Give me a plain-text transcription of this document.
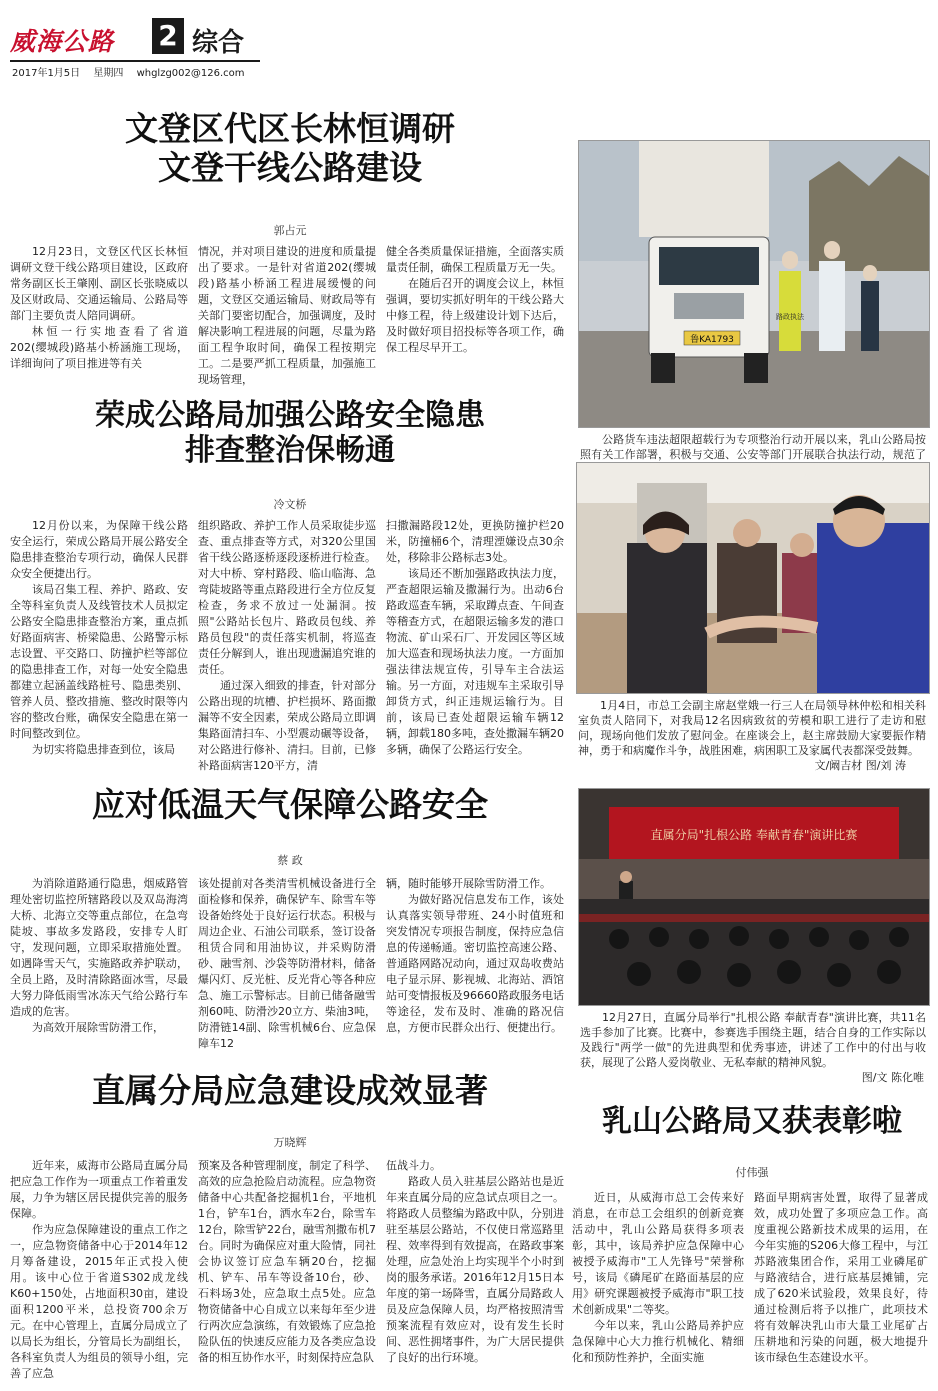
威海公路 2 综合
2017年1月5日 星期四 whglzg002@126.com
文登区代区长林恒调研
文登干线公路建设
郭占元

12月23日，文登区代区长林恒调研文登干线公路项目建设，区政府常务副区长王肇刚、副区长张晓威以及区财政局、交通运输局、公路局等部门主要负责人陪同调研。

林恒一行实地查看了省道202(缨城段)路基小桥涵施工现场，详细询问了项目推进等有关

情况，并对项目建设的进度和质量提出了要求。一是针对省道202(缨城段)路基小桥涵工程进展缓慢的问题，文登区交通运输局、财政局等有关部门要密切配合，加强调度，及时解决影响工程进展的问题，尽量为路面工程争取时间，确保工程按期完工。二是要严抓工程质量，加强施工现场管理，

健全各类质量保证措施，全面落实质量责任制，确保工程质量万无一失。

在随后召开的调度会议上，林恒强调，要切实抓好明年的干线公路大中修工程，待上级建设计划下达后，及时做好项目招投标等各项工作，确保工程尽早开工。

荣成公路局加强公路安全隐患
排查整治保畅通
冷文桥

12月份以来，为保障干线公路安全运行，荣成公路局开展公路安全隐患排查整治专项行动，确保人民群众安全便捷出行。

该局召集工程、养护、路政、安全等科室负责人及线管技术人员拟定公路安全隐患排查整治方案，重点抓好路面病害、桥梁隐患、公路警示标志设置、平交路口、防撞护栏等部位的隐患排查工作，对每一处安全隐患都建立起涵盖线路桩号、隐患类别、管养人员、整改措施、整改时限等内容的整改台账，确保安全隐患在第一时间整改到位。

为切实将隐患排查到位，该局

组织路政、养护工作人员采取徒步巡查、重点排查等方式，对320公里国省干线公路逐桥逐段逐桥进行检查。对大中桥、穿村路段、临山临海、急弯陡坡路等重点路段进行全方位反复检查，务求不放过一处漏洞。按照"公路站长包片、路政员包线、养路员包段"的责任落实机制，将巡查责任分解到人，谁出现遗漏追究谁的责任。

通过深入细致的排查，针对部分公路出现的坑槽、护栏损坏、路面撒漏等不安全因素，荣成公路局立即调集路面清扫车、小型震动碾等设备，对公路进行修补、清扫。目前，已修补路面病害120平方，清

扫撒漏路段12处，更换防撞护栏20米，防撞桶6个，清理湮嫌设点30余处，移除非公路标志3处。

该局还不断加强路政执法力度，严查超限运输及撒漏行为。出动6台路政巡查车辆，采取蹲点查、午间查等稽查方式，在超限运输多发的港口物流、矿山采石厂、开发园区等区域加大巡查和现场执法力度。一方面加强法律法规宣传，引导车主合法运输。另一方面，对违规车主采取引导卸货方式，纠正违规运输行为。目前，该局已查处超限运输车辆12辆，卸载180多吨，查处撒漏车辆20多辆，确保了公路运行安全。

应对低温天气保障公路安全
蔡 政

为消除道路通行隐患，烟威路管理处密切监控所辖路段以及双岛海湾大桥、北海立交等重点部位，在急弯陡坡、事故多发路段，安排专人盯守，发现问题，立即采取措施处置。如遇降雪天气，实施路政养护联动，全员上路，及时清除路面冰雪，尽最大努力降低雨雪冰冻天气给公路行车造成的危害。

为高效开展除雪防滑工作，

该处提前对各类清雪机械设备进行全面检修和保养，确保铲车、除雪车等设备始终处于良好运行状态。积极与周边企业、石油公司联系，签订设备租赁合同和用油协议，并采购防滑砂、融雪剂、沙袋等防滑材料，储备爆闪灯、反光桩、反光背心等各种应急、施工示警标志。目前已储备融雪剂60吨、防滑沙20立方、柴油3吨，防滑链14副、除雪机械6台、应急保障车12

辆，随时能够开展除雪防滑工作。

为做好路况信息发布工作，该处认真落实领导带班、24小时值班和突发情况专项报告制度，保持应急信息的传递畅通。密切监控高速公路、普通路网路况动向，通过双岛收费站电子显示屏、影视城、北海站、酒馆站可变情报板及96660路政服务电话等途径，发布及时、准确的路况信息，方便市民群众出行、便捷出行。

直属分局应急建设成效显著
万晓辉

近年来，威海市公路局直属分局把应急工作作为一项重点工作着重发展，力争为辖区居民提供完善的服务保障。

作为应急保障建设的重点工作之一，应急物资储备中心于2014年12月筹备建设，2015年正式投入使用。该中心位于省道S302成龙线K60+150处，占地面积30亩，建设面积1200平米，总投资700余万元。在中心管理上，直属分局成立了以局长为组长，分管局长为副组长，各科室负责人为组员的领导小组，完善了应急

预案及各种管理制度，制定了科学、高效的应急抢险启动流程。应急物资储备中心共配备挖掘机1台，平地机1台，铲车1台，洒水车2台，除雪车12台，除雪铲22台，融雪剂撒布机7台。同时为确保应对重大险情，同社会协议签订应急车辆20台，挖掘机、铲车、吊车等设备10台，砂、石料场3处，应急取土点5处。应急物资储备中心自成立以来每年至少进行两次应急演练，有效锻炼了应急抢险队伍的快速反应能力及各类应急设备的相互协作水平，时刻保持应急队

伍战斗力。

路政人员入驻基层公路站也是近年来直属分局的应急试点项目之一。将路政人员整编为路政中队，分别进驻至基层公路站，不仅使日常巡路里程、效率得到有效提高，在路政事案处理，应急处治上均实现半个小时到岗的服务承诺。2016年12月15日本年度的第一场降雪，直属分局路政人员及应急保障人员，均严格按照清雪预案流程有效应对，设有发生长时间、恶性拥堵事件，为广大居民提供了良好的出行环境。

鲁KA1793
路政执法

公路货车违法超限超载行为专项整治行动开展以来，乳山公路局按照有关工作部署，积极与交通、公安等部门开展联合执法行动，规范了

1月4日，市总工会副主席赵堂娥一行三人在局领导林仲松和相关科室负责人陪同下，对我局12名因病致贫的劳模和职工进行了走访和慰问，现场向他们发放了慰问金。在座谈会上，赵主席鼓励大家要振作精神，勇于和病魔作斗争，战胜困难，病困职工及家属代表都深受鼓舞。

文/阚吉材 图/刘 涛
直属分局"扎根公路 奉献青春"演讲比赛

12月27日，直属分局举行"扎根公路 奉献青春"演讲比赛，共11名选手参加了比赛。比赛中，参赛选手围绕主题，结合自身的工作实际以及践行"两学一做"的先进典型和优秀事迹，讲述了工作中的付出与收获，展现了公路人爱岗敬业、无私奉献的精神风貌。

图/文 陈化唯
乳山公路局又获表彰啦
付伟强

近日，从威海市总工会传来好消息，在市总工会组织的创新竞赛活动中，乳山公路局获得多项表彰，其中，该局养护应急保障中心被授予威海市"工人先锋号"荣誉称号，该局《磷尾矿在路面基层的应用》研究课题被授予威海市"职工技术创新成果"二等奖。

今年以来，乳山公路局养护应急保障中心大力推行机械化、精细化和预防性养护，全面实施

路面早期病害处置，取得了显著成效，成功处置了多项应急工作。高度重视公路新技术成果的运用，在今年实施的S206大修工程中，与江苏路液集团合作，采用工业磷尾矿与路液结合，进行底基层摊铺，完成了620米试验段，效果良好，待通过检测后将予以推广，此项技术将有效解决乳山市大量工业尾矿占压耕地和污染的问题，极大地提升该市绿色生态建设水平。
